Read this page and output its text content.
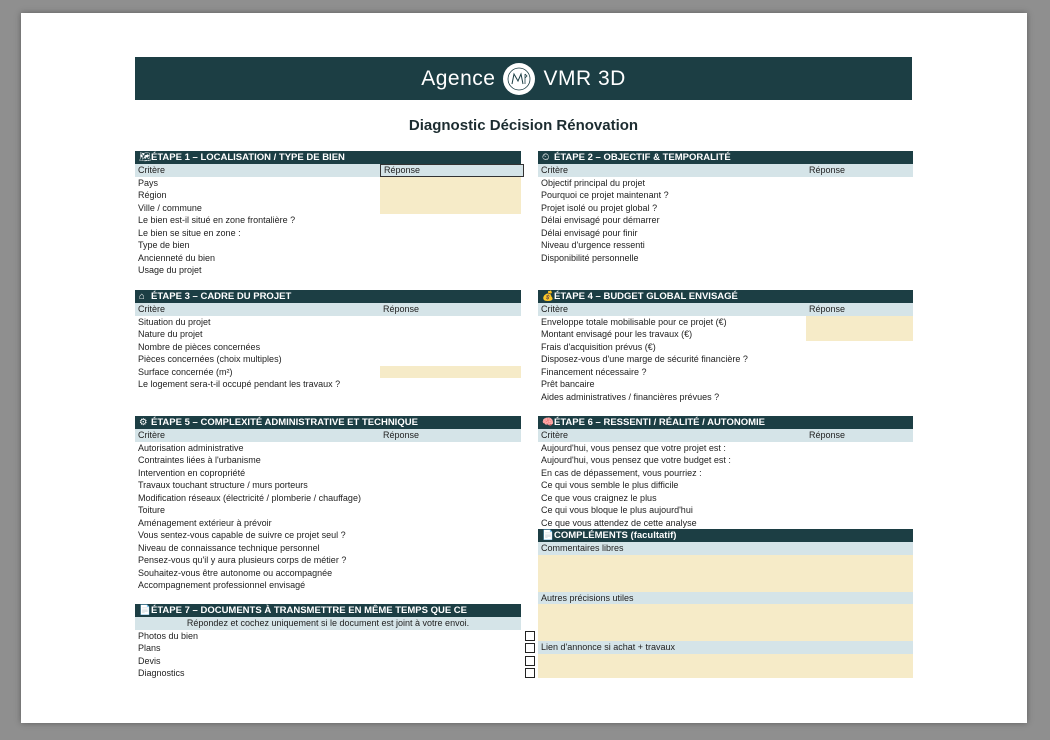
Agence VMR 3D
Diagnostic Décision Rénovation
🗺ÉTAPE 1 – LOCALISATION / TYPE DE BIEN
Critère	Réponse
Pays
Région
Ville / commune
Le bien est-il situé en zone frontalière ?
Le bien se situe en zone :
Type de bien
Ancienneté du bien
Usage du projet
⏲ ÉTAPE 2 – OBJECTIF & TEMPORALITÉ
Critère	Réponse
Objectif principal du projet
Pourquoi ce projet maintenant ?
Projet isolé ou projet global ?
Délai envisagé pour démarrer
Délai envisagé pour finir
Niveau d'urgence ressenti
Disponibilité personnelle
⌂ ÉTAPE 3 – CADRE DU PROJET
Critère	Réponse
Situation du projet
Nature du projet
Nombre de pièces concernées
Pièces concernées (choix multiples)
Surface concernée (m²)
Le logement sera-t-il occupé pendant les travaux ?
💰ÉTAPE 4 – BUDGET GLOBAL ENVISAGÉ
Critère	Réponse
Enveloppe totale mobilisable pour ce projet (€)
Montant envisagé pour les travaux (€)
Frais d'acquisition prévus (€)
Disposez-vous d'une marge de sécurité financière ?
Financement nécessaire ?
Prêt bancaire
Aides administratives / financières prévues ?
⚙ ÉTAPE 5 – COMPLEXITÉ ADMINISTRATIVE ET TECHNIQUE
Critère	Réponse
Autorisation administrative
Contraintes liées à l'urbanisme
Intervention en copropriété
Travaux touchant structure / murs porteurs
Modification réseaux (électricité / plomberie / chauffage)
Toiture
Aménagement extérieur à prévoir
Vous sentez-vous capable de suivre ce projet seul ?
Niveau de connaissance technique personnel
Pensez-vous qu'il y aura plusieurs corps de métier ?
Souhaitez-vous être autonome ou accompagnée
Accompagnement professionnel envisagé
🧠ÉTAPE 6 – RESSENTI / RÉALITÉ / AUTONOMIE
Critère	Réponse
Aujourd'hui, vous pensez que votre projet est :
Aujourd'hui, vous pensez que votre budget est :
En cas de dépassement, vous pourriez :
Ce qui vous semble le plus difficile
Ce que vous craignez le plus
Ce qui vous bloque le plus aujourd'hui
Ce que vous attendez de cette analyse
📄COMPLÉMENTS (facultatif)
Commentaires libres
Autres précisions utiles
Lien d'annonce si achat + travaux
📄ÉTAPE 7 – DOCUMENTS À TRANSMETTRE EN MÊME TEMPS QUE CE
Répondez et cochez uniquement si le document est joint à votre envoi.
Photos du bien
Plans
Devis
Diagnostics
